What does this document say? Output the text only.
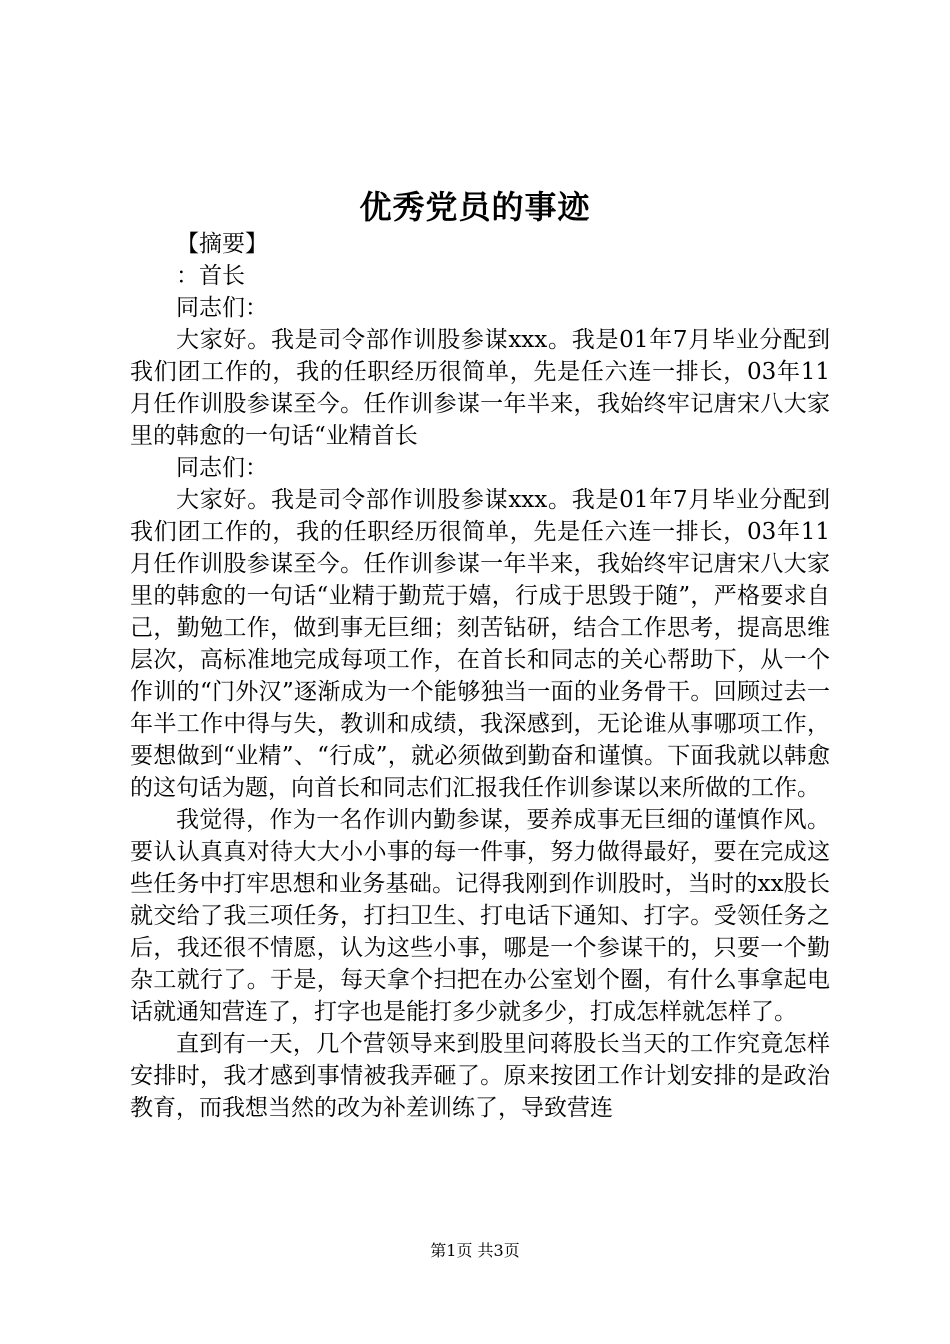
优秀党员的事迹

【摘要】

：首长

同志们：

大家好。我是司令部作训股参谋xxx。我是01年7月毕业分配到我们团工作的，我的任职经历很简单，先是任六连一排长，03年11月任作训股参谋至今。任作训参谋一年半来，我始终牢记唐宋八大家里的韩愈的一句话“业精首长

同志们：

大家好。我是司令部作训股参谋xxx。我是01年7月毕业分配到我们团工作的，我的任职经历很简单，先是任六连一排长，03年11月任作训股参谋至今。任作训参谋一年半来，我始终牢记唐宋八大家里的韩愈的一句话“业精于勤荒于嬉，行成于思毁于随”，严格要求自己，勤勉工作，做到事无巨细；刻苦钻研，结合工作思考，提高思维层次，高标准地完成每项工作，在首长和同志的关心帮助下，从一个作训的“门外汉”逐渐成为一个能够独当一面的业务骨干。回顾过去一年半工作中得与失，教训和成绩，我深感到，无论谁从事哪项工作，要想做到“业精”、“行成”，就必须做到勤奋和谨慎。下面我就以韩愈的这句话为题，向首长和同志们汇报我任作训参谋以来所做的工作。

我觉得，作为一名作训内勤参谋，要养成事无巨细的谨慎作风。要认认真真对待大大小小事的每一件事，努力做得最好，要在完成这些任务中打牢思想和业务基础。记得我刚到作训股时，当时的xx股长就交给了我三项任务，打扫卫生、打电话下通知、打字。受领任务之后，我还很不情愿，认为这些小事，哪是一个参谋干的，只要一个勤杂工就行了。于是，每天拿个扫把在办公室划个圈，有什么事拿起电话就通知营连了，打字也是能打多少就多少，打成怎样就怎样了。

直到有一天，几个营领导来到股里问蒋股长当天的工作究竟怎样安排时，我才感到事情被我弄砸了。原来按团工作计划安排的是政治教育，而我想当然的改为补差训练了，导致营连

第1页 共3页
